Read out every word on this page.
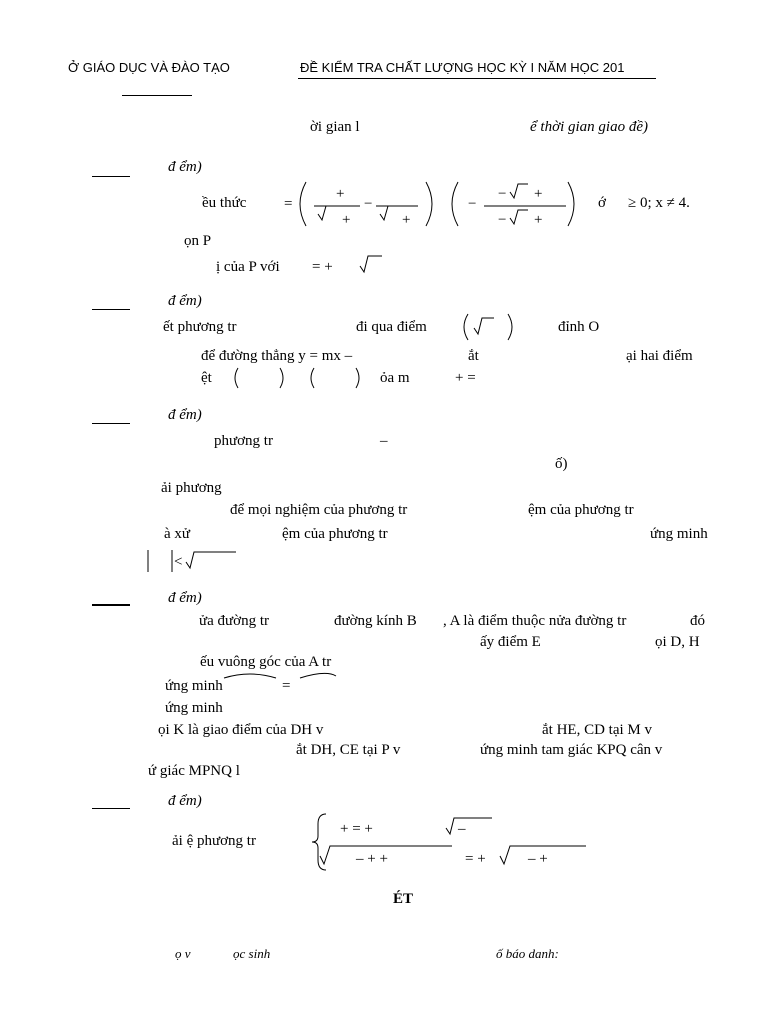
Ở GIÁO DỤC VÀ ĐÀO TẠO	ĐỀ KIỂM TRA CHẤT LƯỢNG HỌC KỲ I NĂM HỌC 201
ời gian l	ể thời gian giao đề)
đ ểm)
ều thức	=
+
+
−
+
−
− +
− +
ớ ≥ 0; x ≠ 4.
ọn P
ị của P với = +
đ ểm)
ết phương tr	đi qua điểm	đỉnh O
để đường thẳng y = mx –	ắt	ại hai điểm
ệt	ỏa m	+ =
đ ểm)
phương tr	–
ố)
ải phương
để mọi nghiệm của phương tr	ệm của phương tr
à xử	ệm của phương tr	ứng minh
<
đ ểm)
ửa đường tr	đường kính B , A là điểm thuộc nửa đường tr	đó
ấy điểm E	ọi D, H
ếu vuông góc của A tr
ứng minh	=
ứng minh
ọi K là giao điểm của DH v	ắt HE, CD tại M v
ắt DH, CE tại P v	ứng minh tam giác KPQ cân v
ứ giác MPNQ l
đ ểm)
ải ệ phương tr
+ = +	–
– + +	= +	– +
ÉT
ọ v	ọc sinh	ố báo danh:
